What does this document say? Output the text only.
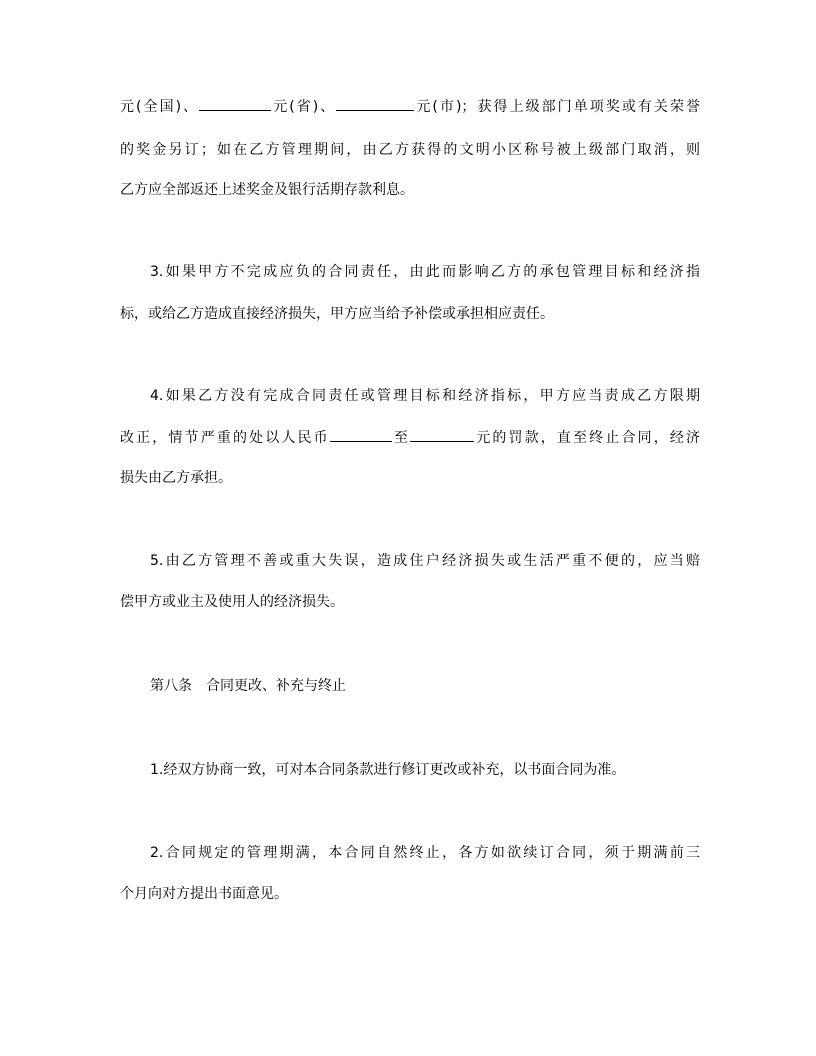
元(全国)、	元(省)、	元(市)；获得上级部门单项奖或有关荣誉
的奖金另订；如在乙方管理期间，由乙方获得的文明小区称号被上级部门取消，则
乙方应全部返还上述奖金及银行活期存款利息。
3.如果甲方不完成应负的合同责任，由此而影响乙方的承包管理目标和经济指
标，或给乙方造成直接经济损失，甲方应当给予补偿或承担相应责任。
4.如果乙方没有完成合同责任或管理目标和经济指标，甲方应当责成乙方限期
改正，情节严重的处以人民币	至	元的罚款，直至终止合同，经济
损失由乙方承担。
5.由乙方管理不善或重大失误，造成住户经济损失或生活严重不便的，应当赔
偿甲方或业主及使用人的经济损失。
第八条　合同更改、补充与终止
1.经双方协商一致，可对本合同条款进行修订更改或补充，以书面合同为准。
2.合同规定的管理期满，本合同自然终止，各方如欲续订合同，须于期满前三
个月向对方提出书面意见。
